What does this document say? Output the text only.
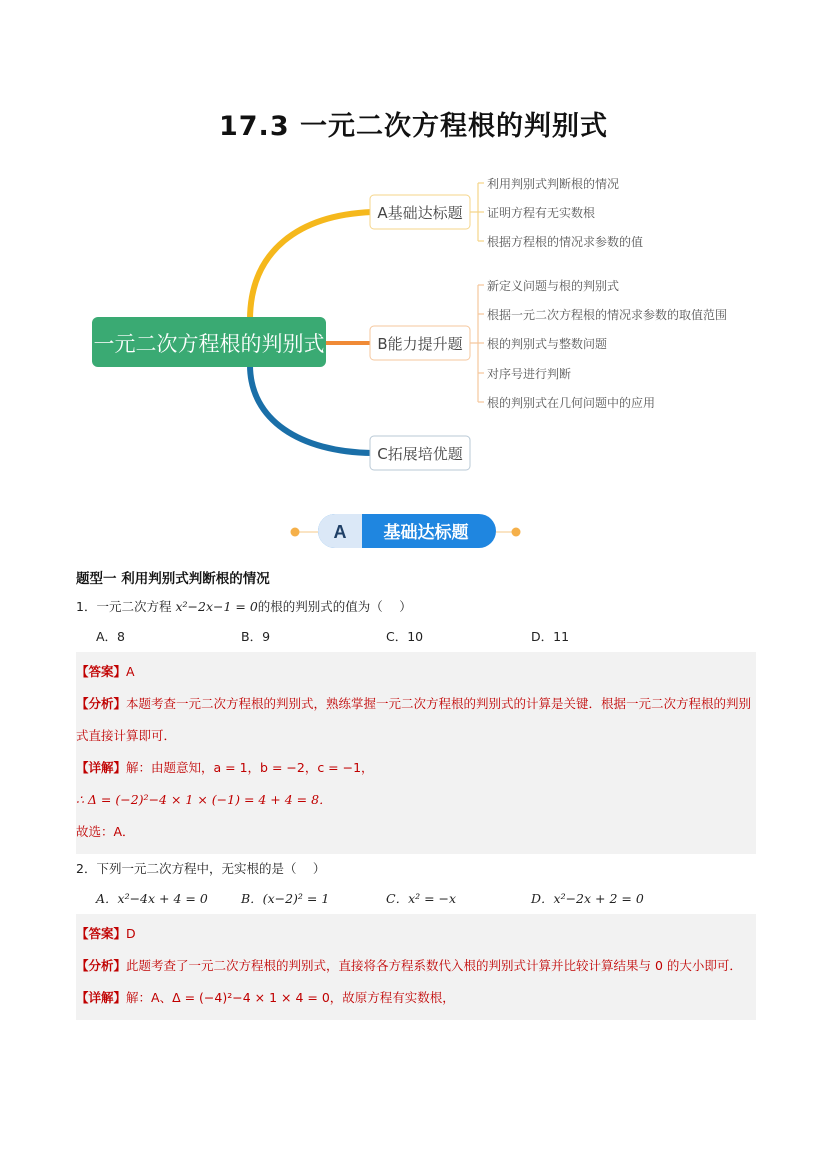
17.3 一元二次方程根的判别式
一元二次方程根的判别式
A基础达标题
利用判别式判断根的情况
证明方程有无实数根
根据方程根的情况求参数的值
B能力提升题
新定义问题与根的判别式
根据一元二次方程根的情况求参数的取值范围
根的判别式与整数问题
对序号进行判断
根的判别式在几何问题中的应用
C拓展培优题
A 基础达标题
题型一 利用判别式判断根的情况
1．一元二次方程 x²−2x−1 = 0的根的判别式的值为（　 ）
A．8	B．9	C．10	D．11
【答案】A
【分析】本题考查一元二次方程根的判别式，熟练掌握一元二次方程根的判别式的计算是关键．根据一元二次方程根的判别式直接计算即可．
【详解】解：由题意知，a = 1，b = −2，c = −1，
∴ Δ = (−2)²−4 × 1 × (−1) = 4 + 4 = 8．
故选：A．
2．下列一元二次方程中，无实根的是（　 ）
A．x²−4x + 4 = 0	B．(x−2)² = 1	C．x² = −x	D．x²−2x + 2 = 0
【答案】D
【分析】此题考查了一元二次方程根的判别式，直接将各方程系数代入根的判别式计算并比较计算结果与 0 的大小即可．
【详解】解：A、Δ = (−4)²−4 × 1 × 4 = 0，故原方程有实数根，
